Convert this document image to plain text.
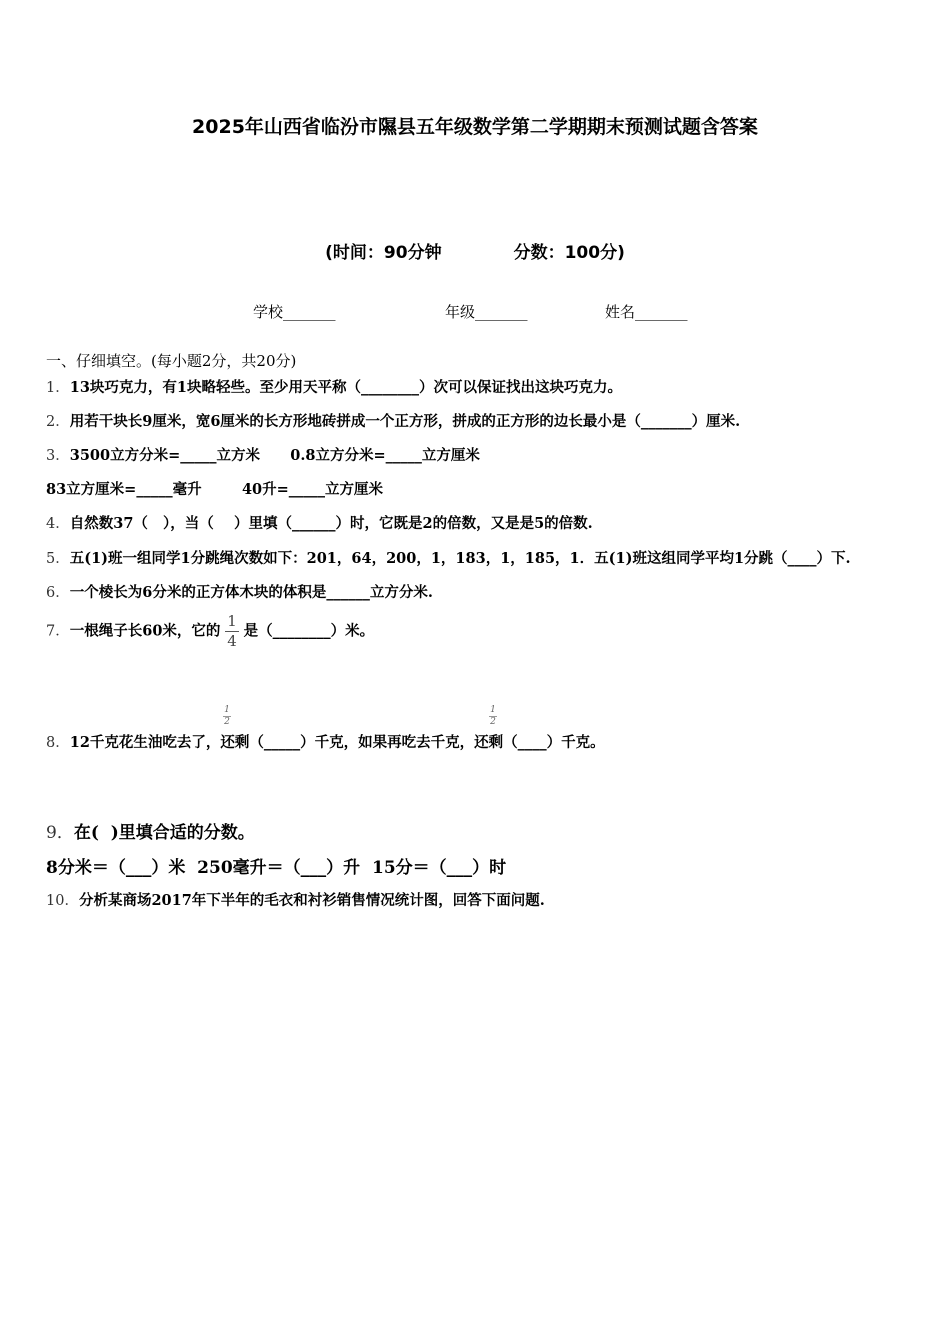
2025年山西省临汾市隰县五年级数学第二学期期末预测试题含答案
(时间：90分钟	分数：100分)
学校_______	年级_______	姓名_______
一、仔细填空。(每小题2分，共20分)
1．13块巧克力，有1块略轻些。至少用天平称（________）次可以保证找出这块巧克力。
2．用若干块长9厘米，宽6厘米的长方形地砖拼成一个正方形，拼成的正方形的边长最小是（_______）厘米.
3．3500立方分米=_____立方米      0.8立方分米=_____立方厘米
83立方厘米=_____毫升        40升=_____立方厘米
4．自然数37（   ），当（    ）里填（______）时，它既是2的倍数，又是是5的倍数.
5．五(1)班一组同学1分跳绳次数如下：201，64，200，1，183，1，185，1．五(1)班这组同学平均1分跳（____）下.
6．一个棱长为6分米的正方体木块的体积是______立方分米.
7．一根绳子长60米，它的 $\frac{1}{4}$ 是（________）米。
8．12千克花生油吃去了，还剩（_____）千克，如果再吃去千克，还剩（____）千克。
1
2
1
2
9．在(  )里填合适的分数。
8分米＝（___）米  250毫升＝（___）升  15分＝（___）时
10．分析某商场2017年下半年的毛衣和衬衫销售情况统计图，回答下面问题.
